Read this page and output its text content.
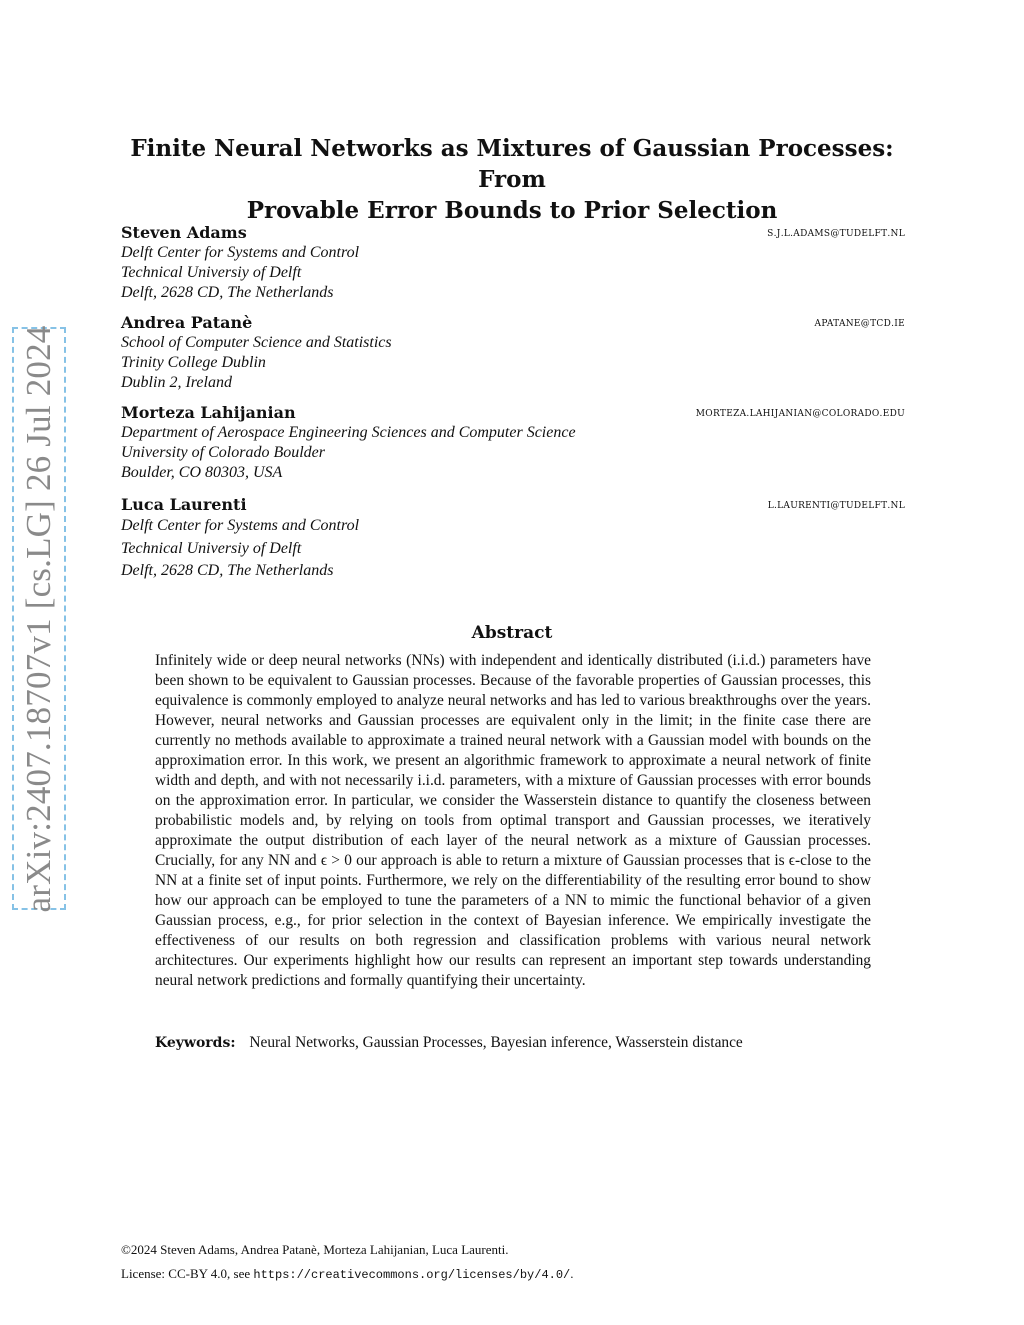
arXiv:2407.18707v1 [cs.LG] 26 Jul 2024
Finite Neural Networks as Mixtures of Gaussian Processes: From
Provable Error Bounds to Prior Selection
Steven Adams	s.j.l.adams@tudelft.nl
Delft Center for Systems and Control
Technical Universiy of Delft
Delft, 2628 CD, The Netherlands
Andrea Patanè	apatane@tcd.ie
School of Computer Science and Statistics
Trinity College Dublin
Dublin 2, Ireland
Morteza Lahijanian	morteza.lahijanian@colorado.edu
Department of Aerospace Engineering Sciences and Computer Science
University of Colorado Boulder
Boulder, CO 80303, USA
Luca Laurenti	l.laurenti@tudelft.nl
Delft Center for Systems and Control
Technical Universiy of Delft
Delft, 2628 CD, The Netherlands
Abstract
Infinitely wide or deep neural networks (NNs) with independent and identically distributed (i.i.d.) parameters have been shown to be equivalent to Gaussian processes. Because of the favorable properties of Gaussian processes, this equivalence is commonly employed to analyze neural networks and has led to various breakthroughs over the years. However, neural networks and Gaussian processes are equivalent only in the limit; in the finite case there are currently no methods available to approximate a trained neural network with a Gaussian model with bounds on the approximation error. In this work, we present an algorithmic framework to approximate a neural network of finite width and depth, and with not necessarily i.i.d. parameters, with a mixture of Gaussian processes with error bounds on the approximation error. In particular, we consider the Wasserstein distance to quantify the closeness between probabilistic models and, by relying on tools from optimal transport and Gaussian processes, we iteratively approximate the output distribution of each layer of the neural network as a mixture of Gaussian processes. Crucially, for any NN and ϵ > 0 our approach is able to return a mixture of Gaussian processes that is ϵ-close to the NN at a finite set of input points. Furthermore, we rely on the differentiability of the resulting error bound to show how our approach can be employed to tune the parameters of a NN to mimic the functional behavior of a given Gaussian process, e.g., for prior selection in the context of Bayesian inference. We empirically investigate the effectiveness of our results on both regression and classification problems with various neural network architectures. Our experiments highlight how our results can represent an important step towards understanding neural network predictions and formally quantifying their uncertainty.
Keywords: Neural Networks, Gaussian Processes, Bayesian inference, Wasserstein distance
©2024 Steven Adams, Andrea Patanè, Morteza Lahijanian, Luca Laurenti.
License: CC-BY 4.0, see https://creativecommons.org/licenses/by/4.0/.
